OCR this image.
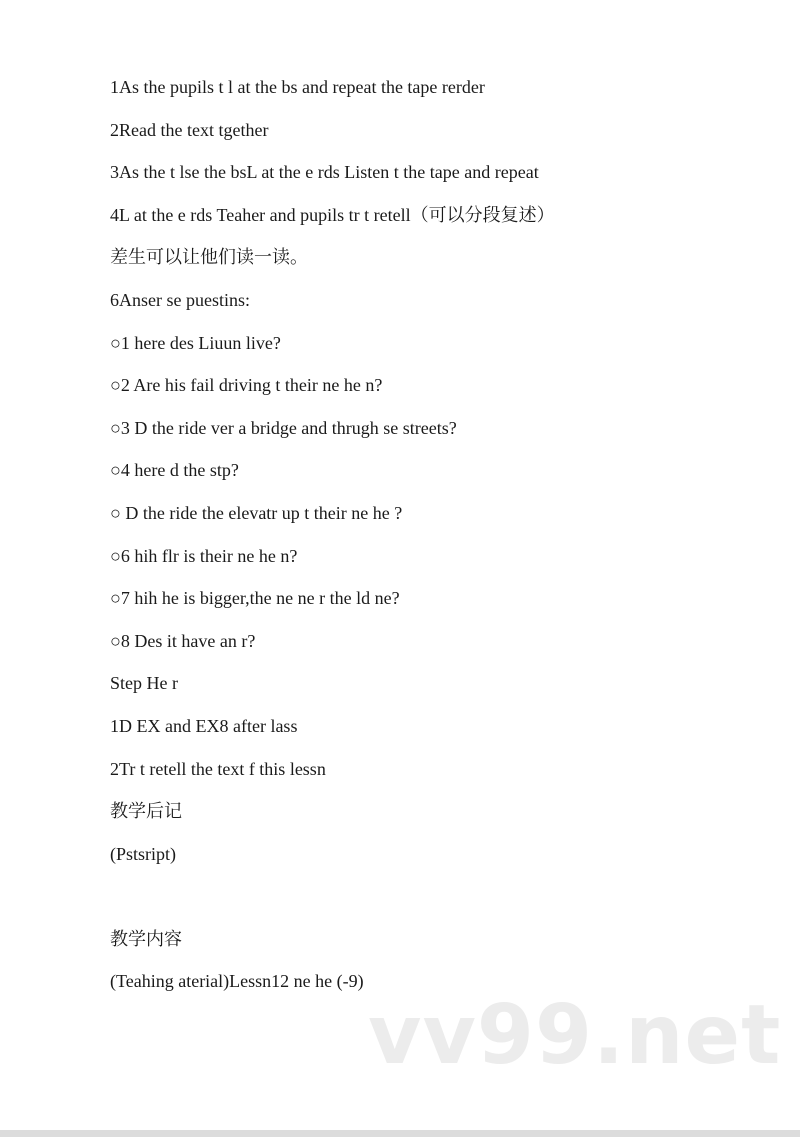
1As the pupils t l at the bs and repeat the tape rerder
2Read the text tgether
3As the t lse the bsL at the e rds Listen t the tape and repeat
4L at the e rds Teaher and pupils tr t retell（可以分段复述）
差生可以让他们读一读。
6Anser se puestins:
○1 here des Liuun live?
○2 Are his fail driving t their ne he n?
○3 D the ride ver a bridge and thrugh se streets?
○4 here d the stp?
○ D the ride the elevatr up t their ne he ?
○6 hih flr is their ne he n?
○7 hih he is bigger,the ne ne r the ld ne?
○8 Des it have an r?
Step He r
1D EX and EX8 after lass
2Tr t retell the text f this lessn
教学后记
(Pstsript)
教学内容
(Teahing aterial)Lessn12 ne he (-9)
vv99.net
